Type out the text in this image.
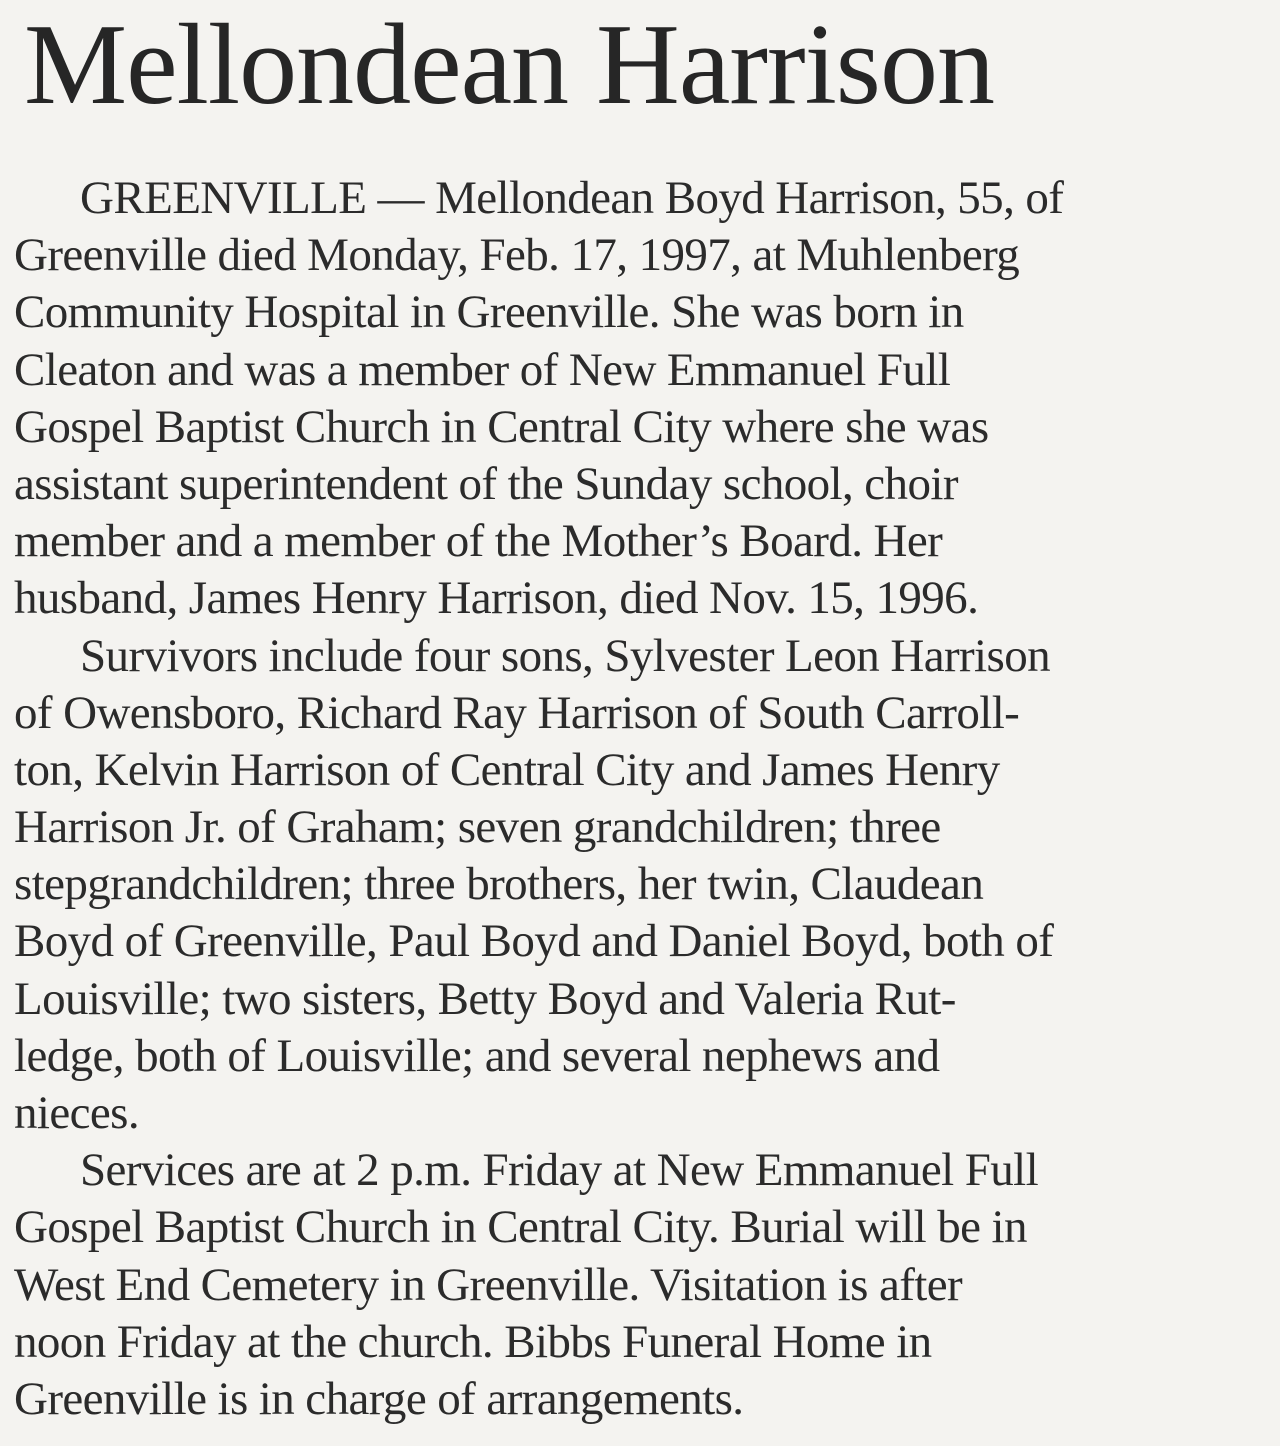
Mellondean Harrison

GREENVILLE — Mellondean Boyd Harrison, 55, of
Greenville died Monday, Feb. 17, 1997, at Muhlenberg
Community Hospital in Greenville. She was born in
Cleaton and was a member of New Emmanuel Full
Gospel Baptist Church in Central City where she was
assistant superintendent of the Sunday school, choir
member and a member of the Mother’s Board. Her
husband, James Henry Harrison, died Nov. 15, 1996.

Survivors include four sons, Sylvester Leon Harrison
of Owensboro, Richard Ray Harrison of South Carroll-
ton, Kelvin Harrison of Central City and James Henry
Harrison Jr. of Graham; seven grandchildren; three
stepgrandchildren; three brothers, her twin, Claudean
Boyd of Greenville, Paul Boyd and Daniel Boyd, both of
Louisville; two sisters, Betty Boyd and Valeria Rut-
ledge, both of Louisville; and several nephews and
nieces.

Services are at 2 p.m. Friday at New Emmanuel Full
Gospel Baptist Church in Central City. Burial will be in
West End Cemetery in Greenville. Visitation is after
noon Friday at the church. Bibbs Funeral Home in
Greenville is in charge of arrangements.
